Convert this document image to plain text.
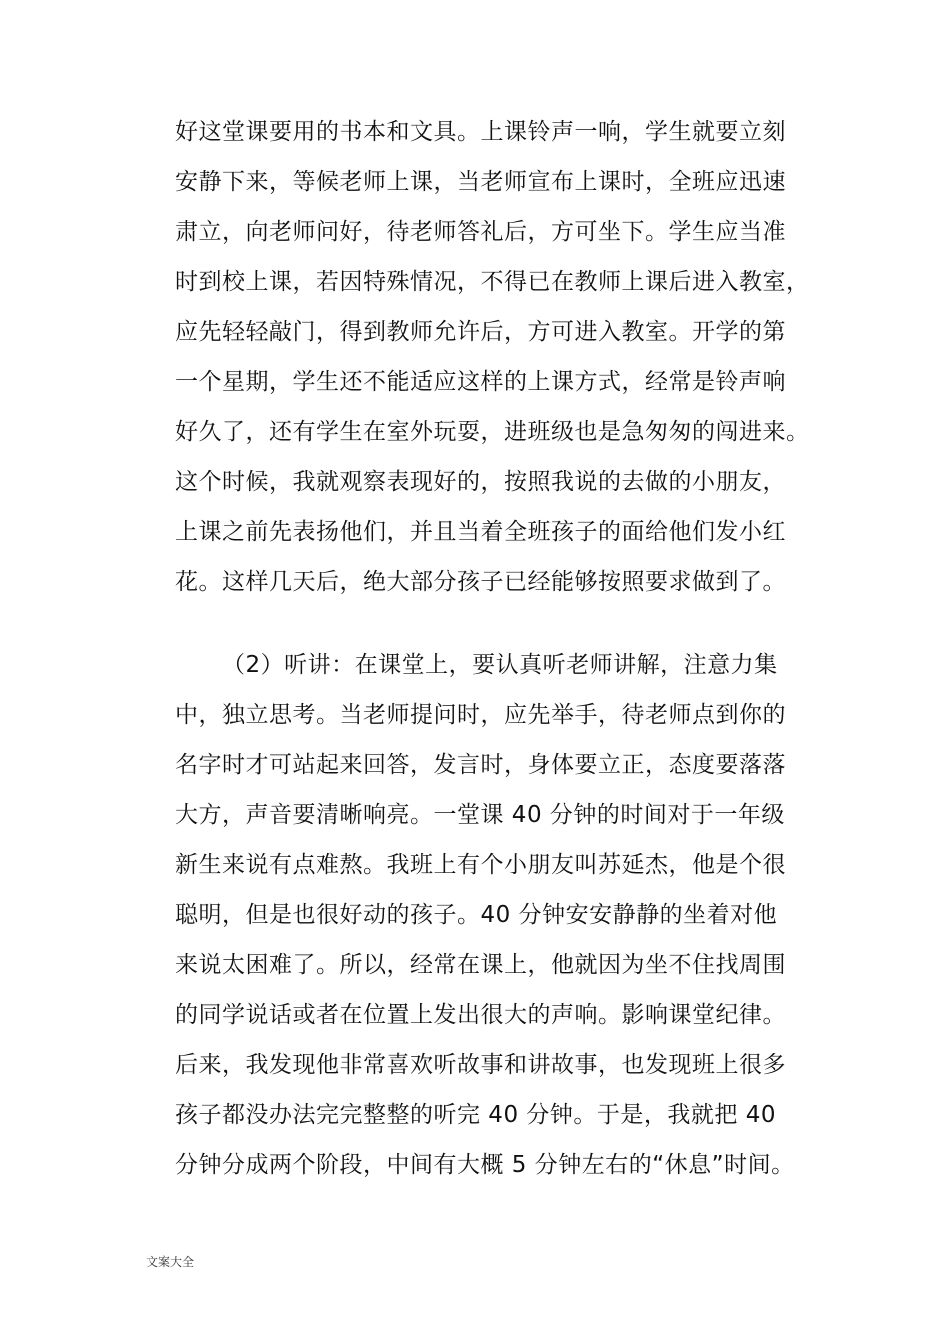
好这堂课要用的书本和文具。上课铃声一响，学生就要立刻
安静下来，等候老师上课，当老师宣布上课时，全班应迅速
肃立，向老师问好，待老师答礼后，方可坐下。学生应当准
时到校上课，若因特殊情况，不得已在教师上课后进入教室，
应先轻轻敲门，得到教师允许后，方可进入教室。开学的第
一个星期，学生还不能适应这样的上课方式，经常是铃声响
好久了，还有学生在室外玩耍，进班级也是急匆匆的闯进来。
这个时候，我就观察表现好的，按照我说的去做的小朋友，
上课之前先表扬他们，并且当着全班孩子的面给他们发小红
花。这样几天后，绝大部分孩子已经能够按照要求做到了。
（2）听讲：在课堂上，要认真听老师讲解，注意力集
中，独立思考。当老师提问时，应先举手，待老师点到你的
名字时才可站起来回答，发言时，身体要立正，态度要落落
大方，声音要清晰响亮。一堂课 40 分钟的时间对于一年级
新生来说有点难熬。我班上有个小朋友叫苏延杰，他是个很
聪明，但是也很好动的孩子。40 分钟安安静静的坐着对他
来说太困难了。所以，经常在课上，他就因为坐不住找周围
的同学说话或者在位置上发出很大的声响。影响课堂纪律。
后来，我发现他非常喜欢听故事和讲故事，也发现班上很多
孩子都没办法完完整整的听完 40 分钟。于是，我就把 40
分钟分成两个阶段，中间有大概 5 分钟左右的“休息”时间。
文案大全
